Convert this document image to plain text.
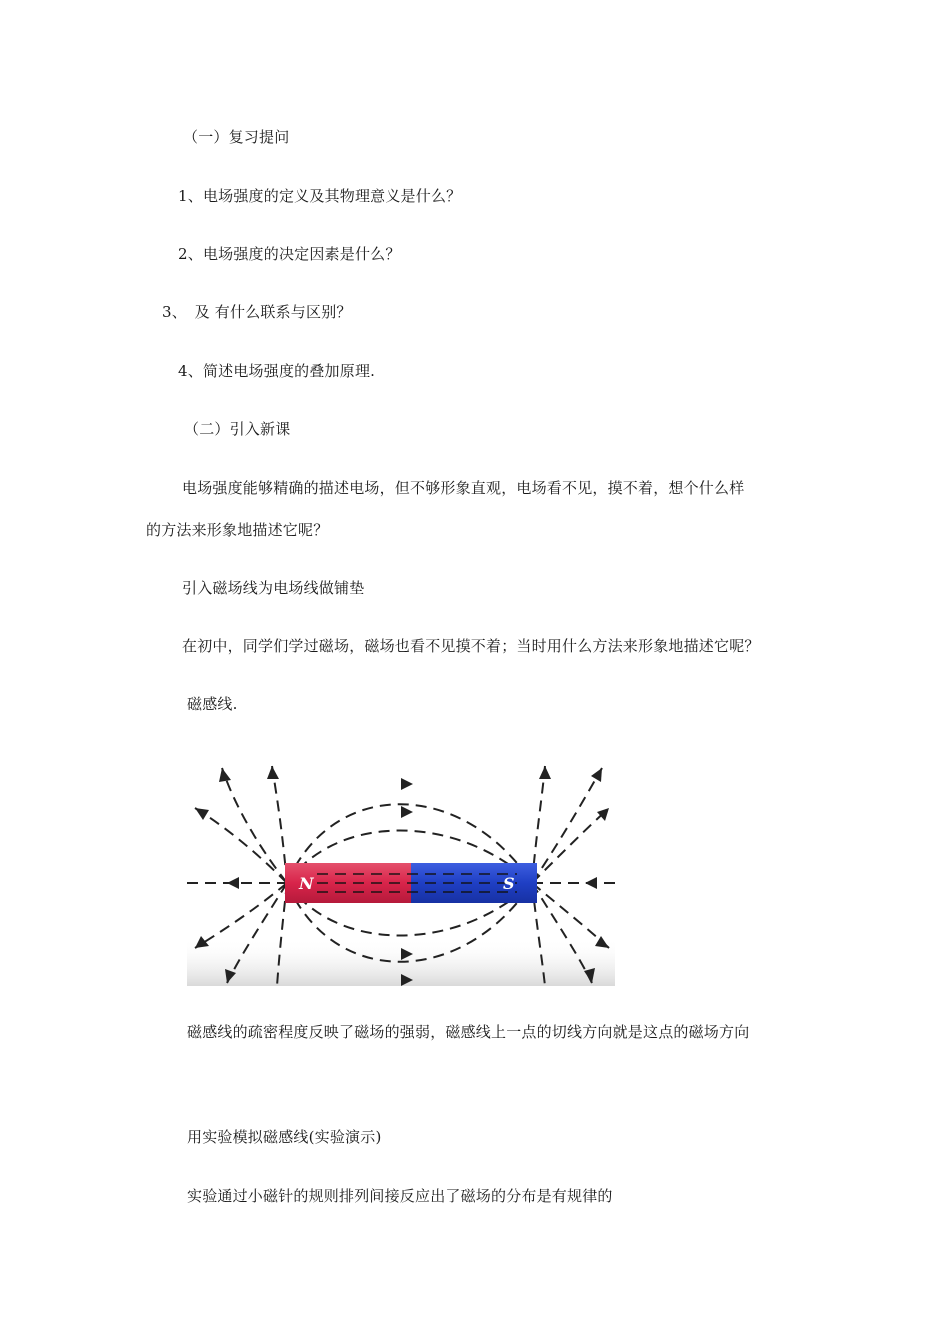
（一）复习提问
1、电场强度的定义及其物理意义是什么？
2、电场强度的决定因素是什么？
3、　及 有什么联系与区别？
4、简述电场强度的叠加原理.
（二）引入新课
电场强度能够精确的描述电场，但不够形象直观，电场看不见，摸不着，想个什么样
的方法来形象地描述它呢？
引入磁场线为电场线做铺垫
在初中，同学们学过磁场，磁场也看不见摸不着；当时用什么方法来形象地描述它呢？
磁感线.
N	S
磁感线的疏密程度反映了磁场的强弱，磁感线上一点的切线方向就是这点的磁场方向
用实验模拟磁感线(实验演示)
实验通过小磁针的规则排列间接反应出了磁场的分布是有规律的
